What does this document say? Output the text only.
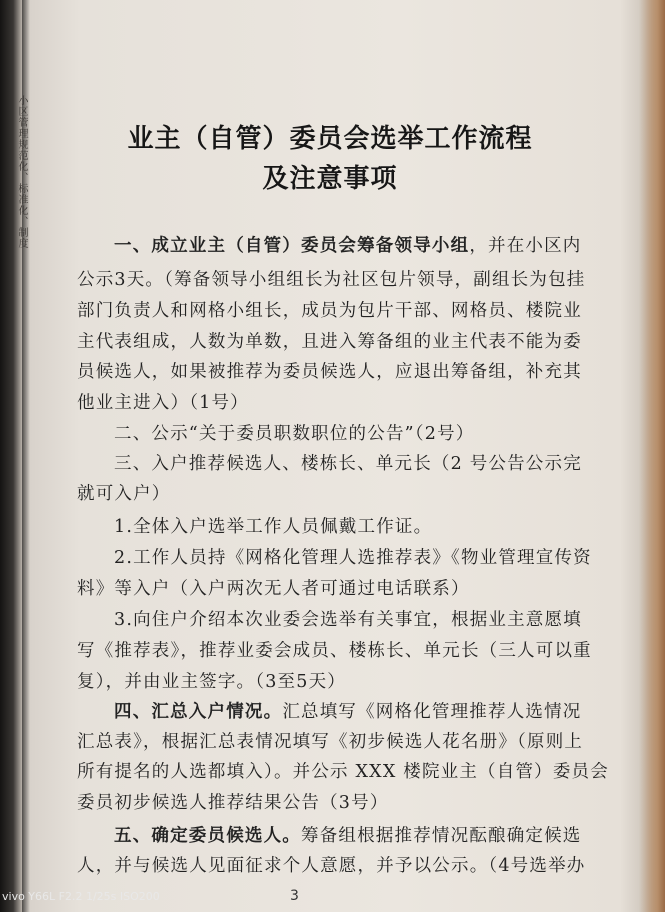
小区管理规范化、标准化、制度	业主（自管）委员会选举工作流程
及注意事项
一、成立业主（自管）委员会筹备领导小组，并在小区内
公示3天。（筹备领导小组组长为社区包片领导，副组长为包挂
部门负责人和网格小组长，成员为包片干部、网格员、楼院业
主代表组成，人数为单数，且进入筹备组的业主代表不能为委
员候选人，如果被推荐为委员候选人，应退出筹备组，补充其
他业主进入）（1号）
二、公示“关于委员职数职位的公告”（2号）
三、入户推荐候选人、楼栋长、单元长（2 号公告公示完
就可入户）
1.全体入户选举工作人员佩戴工作证。
2.工作人员持《网格化管理人选推荐表》《物业管理宣传资
料》等入户（入户两次无人者可通过电话联系）
3.向住户介绍本次业委会选举有关事宜，根据业主意愿填
写《推荐表》，推荐业委会成员、楼栋长、单元长（三人可以重
复），并由业主签字。（3至5天）
四、汇总入户情况。汇总填写《网格化管理推荐人选情况
汇总表》，根据汇总表情况填写《初步候选人花名册》（原则上
所有提名的人选都填入）。并公示 XXX 楼院业主（自管）委员会
委员初步候选人推荐结果公告（3号）
五、确定委员候选人。筹备组根据推荐情况酝酿确定候选
人，并与候选人见面征求个人意愿，并予以公示。（4号选举办
3
vivo Y66L F2.2 1/25s ISO200
